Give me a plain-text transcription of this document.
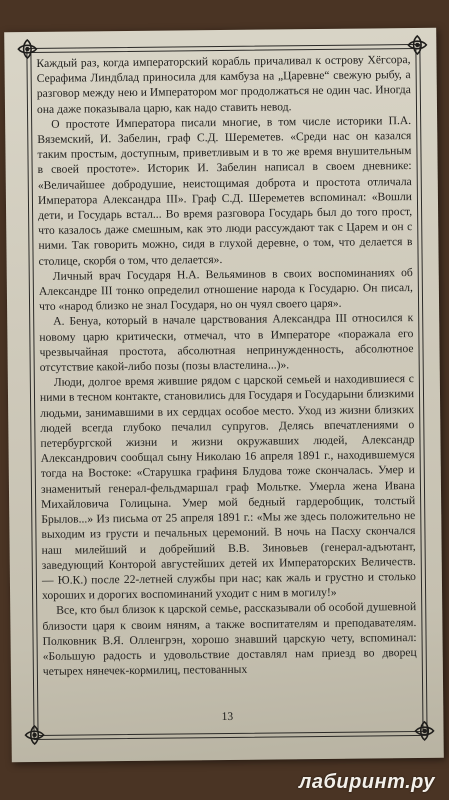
Каждый раз, когда императорский корабль причаливал к острову Хёгсора, Серафима Линдблад приносила для камбуза на „Царевне“ свежую рыбу, а разговор между нею и Императором мог продолжаться не один час. Иногда она даже показывала царю, как надо ставить невод.

О простоте Императора писали многие, в том числе историки П.А. Вяземский, И. Забелин, граф С.Д. Шереметев. «Среди нас он казался таким простым, доступным, приветливым и в то же время внушительным в своей простоте». Историк И. Забелин написал в своем дневнике: «Величайшее добродушие, неистощимая доброта и простота отличала Императора Александра III». Граф С.Д. Шереметев вспоминал: «Вошли дети, и Государь встал... Во время разговора Государь был до того прост, что казалось даже смешным, как это люди рассуждают так с Царем и он с ними. Так говорить можно, сидя в глухой деревне, о том, что делается в столице, скорбя о том, что делается».

Личный врач Государя Н.А. Вельяминов в своих воспоминаниях об Александре III тонко определил отношение народа к Государю. Он писал, что «народ близко не знал Государя, но он чуял своего царя».

А. Бенуа, который в начале царствования Александра III относился к новому царю критически, отмечал, что в Императоре «поражала его чрезвычайная простота, абсолютная непринужденность, абсолютное отсутствие какой-либо позы (позы властелина...)».

Люди, долгое время жившие рядом с царской семьей и находившиеся с ними в тесном контакте, становились для Государя и Государыни близкими людьми, занимавшими в их сердцах особое место. Уход из жизни близких людей всегда глубоко печалил супругов. Делясь впечатлениями о петербургской жизни и жизни окружавших людей, Александр Александрович сообщал сыну Николаю 16 апреля 1891 г., находившемуся тогда на Востоке: «Старушка графиня Блудова тоже скончалась. Умер и знаменитый генерал-фельдмаршал граф Мольтке. Умерла жена Ивана Михайловича Голицына. Умер мой бедный гардеробщик, толстый Брылов...» Из письма от 25 апреля 1891 г.: «Мы же здесь положительно не выходим из грусти и печальных церемоний. В ночь на Пасху скончался наш милейший и добрейший В.В. Зиновьев (генерал-адъютант, заведующий Конторой августейших детей их Императорских Величеств. — Ю.К.) после 22-летней службы при нас; как жаль и грустно и столько хороших и дорогих воспоминаний уходит с ним в могилу!»

Все, кто был близок к царской семье, рассказывали об особой душевной близости царя к своим няням, а также воспитателям и преподавателям. Полковник В.Я. Олленгрэн, хорошо знавший царскую чету, вспоминал: «Большую радость и удовольствие доставлял нам приезд во дворец четырех нянечек-кормилиц, пестованных

13
лабиринт.ру
